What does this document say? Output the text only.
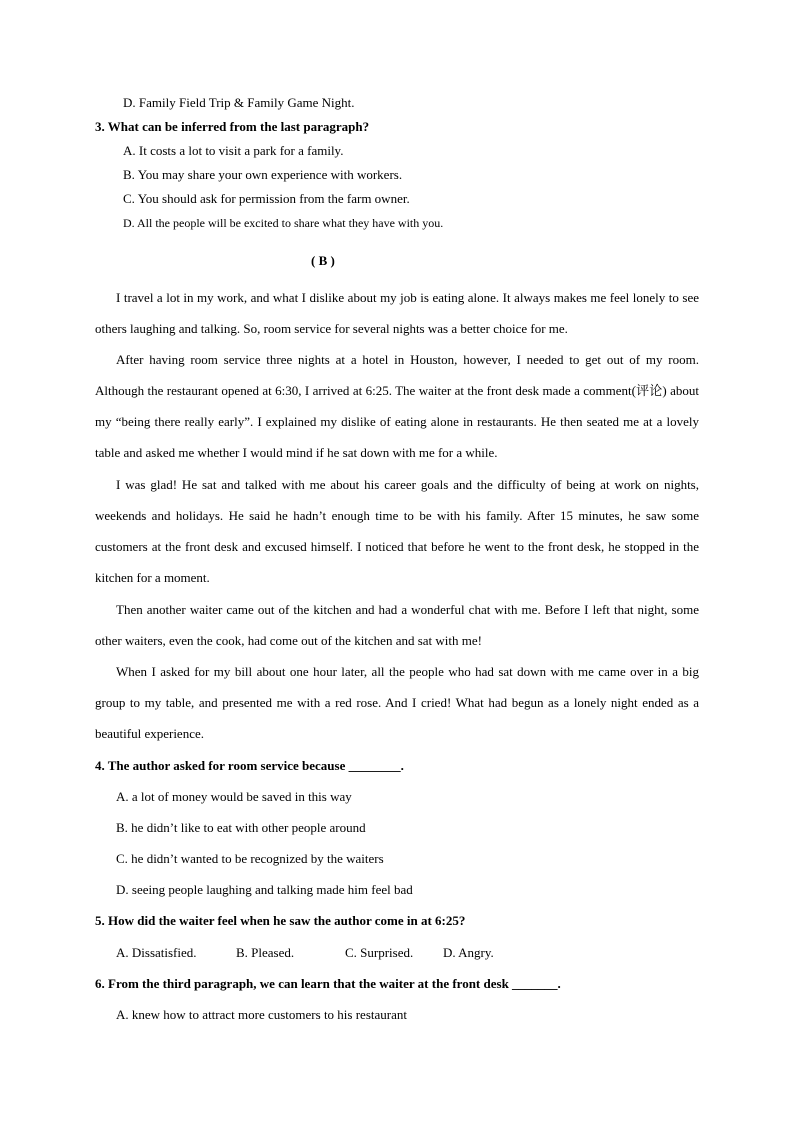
D. Family Field Trip & Family Game Night.
3. What can be inferred from the last paragraph?
A. It costs a lot to visit a park for a family.
B. You may share your own experience with workers.
C. You should ask for permission from the farm owner.
D. All the people will be excited to share what they have with you.
( B )

I travel a lot in my work, and what I dislike about my job is eating alone. It always makes me feel lonely to see others laughing and talking. So, room service for several nights was a better choice for me.

After having room service three nights at a hotel in Houston, however, I needed to get out of my room. Although the restaurant opened at 6:30, I arrived at 6:25. The waiter at the front desk made a comment(评论) about my “being there really early”. I explained my dislike of eating alone in restaurants. He then seated me at a lovely table and asked me whether I would mind if he sat down with me for a while.

I was glad! He sat and talked with me about his career goals and the difficulty of being at work on nights, weekends and holidays. He said he hadn’t enough time to be with his family. After 15 minutes, he saw some customers at the front desk and excused himself. I noticed that before he went to the front desk, he stopped in the kitchen for a moment.

Then another waiter came out of the kitchen and had a wonderful chat with me. Before I left that night, some other waiters, even the cook, had come out of the kitchen and sat with me!

When I asked for my bill about one hour later, all the people who had sat down with me came over in a big group to my table, and presented me with a red rose. And I cried! What had begun as a lonely night ended as a beautiful experience.

4. The author asked for room service because ________.
A. a lot of money would be saved in this way
B. he didn’t like to eat with other people around
C. he didn’t wanted to be recognized by the waiters
D. seeing people laughing and talking made him feel bad
5. How did the waiter feel when he saw the author come in at 6:25?
A. Dissatisfied.	B. Pleased.	C. Surprised. D. Angry.
6. From the third paragraph, we can learn that the waiter at the front desk _______.
A. knew how to attract more customers to his restaurant
